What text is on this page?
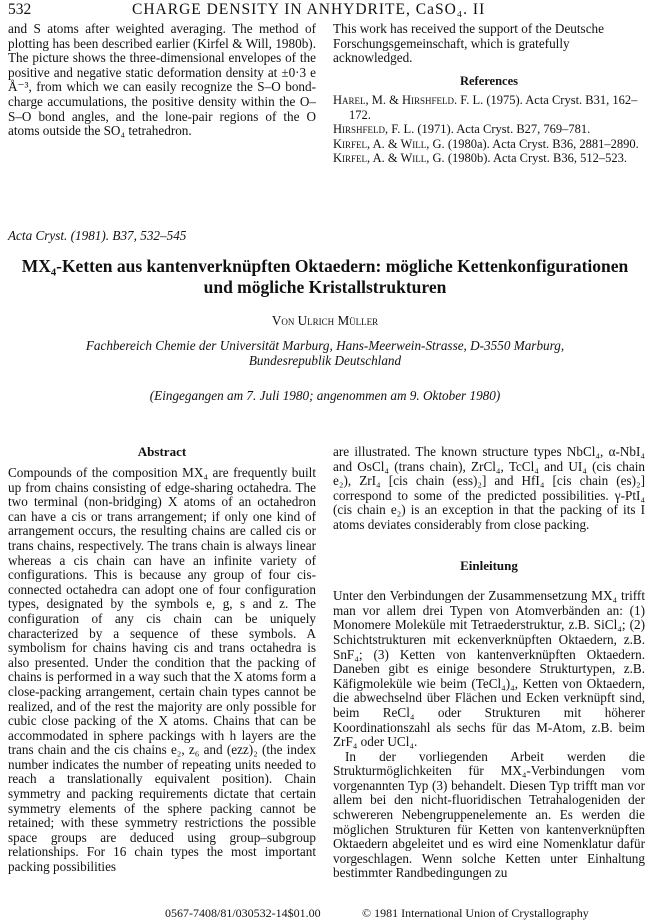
532	CHARGE DENSITY IN ANHYDRITE, CaSO₄. II

and S atoms after weighted averaging. The method of plotting has been described earlier (Kirfel & Will, 1980b). The picture shows the three-dimensional envelopes of the positive and negative static deformation density at ±0·3 e Å⁻³, from which we can easily recognize the S–O bond-charge accumulations, the positive density within the O–S–O bond angles, and the lone-pair regions of the O atoms outside the SO₄ tetrahedron.

This work has received the support of the Deutsche Forschungsgemeinschaft, which is gratefully acknowledged.

References
Harel, M. & Hirshfeld. F. L. (1975). Acta Cryst. B31, 162–172.
Hirshfeld, F. L. (1971). Acta Cryst. B27, 769–781.
Kirfel, A. & Will, G. (1980a). Acta Cryst. B36, 2881–2890.
Kirfel, A. & Will, G. (1980b). Acta Cryst. B36, 512–523.
Acta Cryst. (1981). B37, 532–545
MX₄-Ketten aus kantenverknüpften Oktaedern: mögliche Kettenkonfigurationen und mögliche Kristallstrukturen
Von Ulrich Müller
Fachbereich Chemie der Universität Marburg, Hans-Meerwein-Strasse, D-3550 Marburg,
Bundesrepublik Deutschland
(Eingegangen am 7. Juli 1980; angenommen am 9. Oktober 1980)
Abstract

Compounds of the composition MX₄ are frequently built up from chains consisting of edge-sharing octahedra. The two terminal (non-bridging) X atoms of an octahedron can have a cis or trans arrangement; if only one kind of arrangement occurs, the resulting chains are called cis or trans chains, respectively. The trans chain is always linear whereas a cis chain can have an infinite variety of configurations. This is because any group of four cis-connected octahedra can adopt one of four configuration types, designated by the symbols e, g, s and z. The configuration of any cis chain can be uniquely characterized by a sequence of these symbols. A symbolism for chains having cis and trans octahedra is also presented. Under the condition that the packing of chains is performed in a way such that the X atoms form a close-packing arrangement, certain chain types cannot be realized, and of the rest the majority are only possible for cubic close packing of the X atoms. Chains that can be accommodated in sphere packings with h layers are the trans chain and the cis chains e₂, z₆ and (ezz)₂ (the index number indicates the number of repeating units needed to reach a translationally equivalent position). Chain symmetry and packing requirements dictate that certain symmetry elements of the sphere packing cannot be retained; with these symmetry restrictions the possible space groups are deduced using group–subgroup relationships. For 16 chain types the most important packing possibilities

are illustrated. The known structure types NbCl₄, α-NbI₄ and OsCl₄ (trans chain), ZrCl₄, TcCl₄ and UI₄ (cis chain e₂), ZrI₄ [cis chain (ess)₂] and HfI₄ [cis chain (es)₂] correspond to some of the predicted possibilities. γ-PtI₄ (cis chain e₂) is an exception in that the packing of its I atoms deviates considerably from close packing.

Einleitung

Unter den Verbindungen der Zusammensetzung MX₄ trifft man vor allem drei Typen von Atomverbänden an: (1) Monomere Moleküle mit Tetraederstruktur, z.B. SiCl₄; (2) Schichtstrukturen mit eckenverknüpften Oktaedern, z.B. SnF₄; (3) Ketten von kantenverknüpften Oktaedern. Daneben gibt es einige besondere Strukturtypen, z.B. Käfigmoleküle wie beim (TeCl₄)₄, Ketten von Oktaedern, die abwechselnd über Flächen und Ecken verknüpft sind, beim ReCl₄ oder Strukturen mit höherer Koordinationszahl als sechs für das M-Atom, z.B. beim ZrF₄ oder UCl₄.

In der vorliegenden Arbeit werden die Strukturmöglichkeiten für MX₄-Verbindungen vom vorgenannten Typ (3) behandelt. Diesen Typ trifft man vor allem bei den nicht-fluoridischen Tetrahalogeniden der schwereren Nebengruppenelemente an. Es werden die möglichen Strukturen für Ketten von kantenverknüpften Oktaedern abgeleitet und es wird eine Nomenklatur dafür vorgeschlagen. Wenn solche Ketten unter Einhaltung bestimmter Randbedingungen zu

0567-7408/81/030532-14$01.00	© 1981 International Union of Crystallography
